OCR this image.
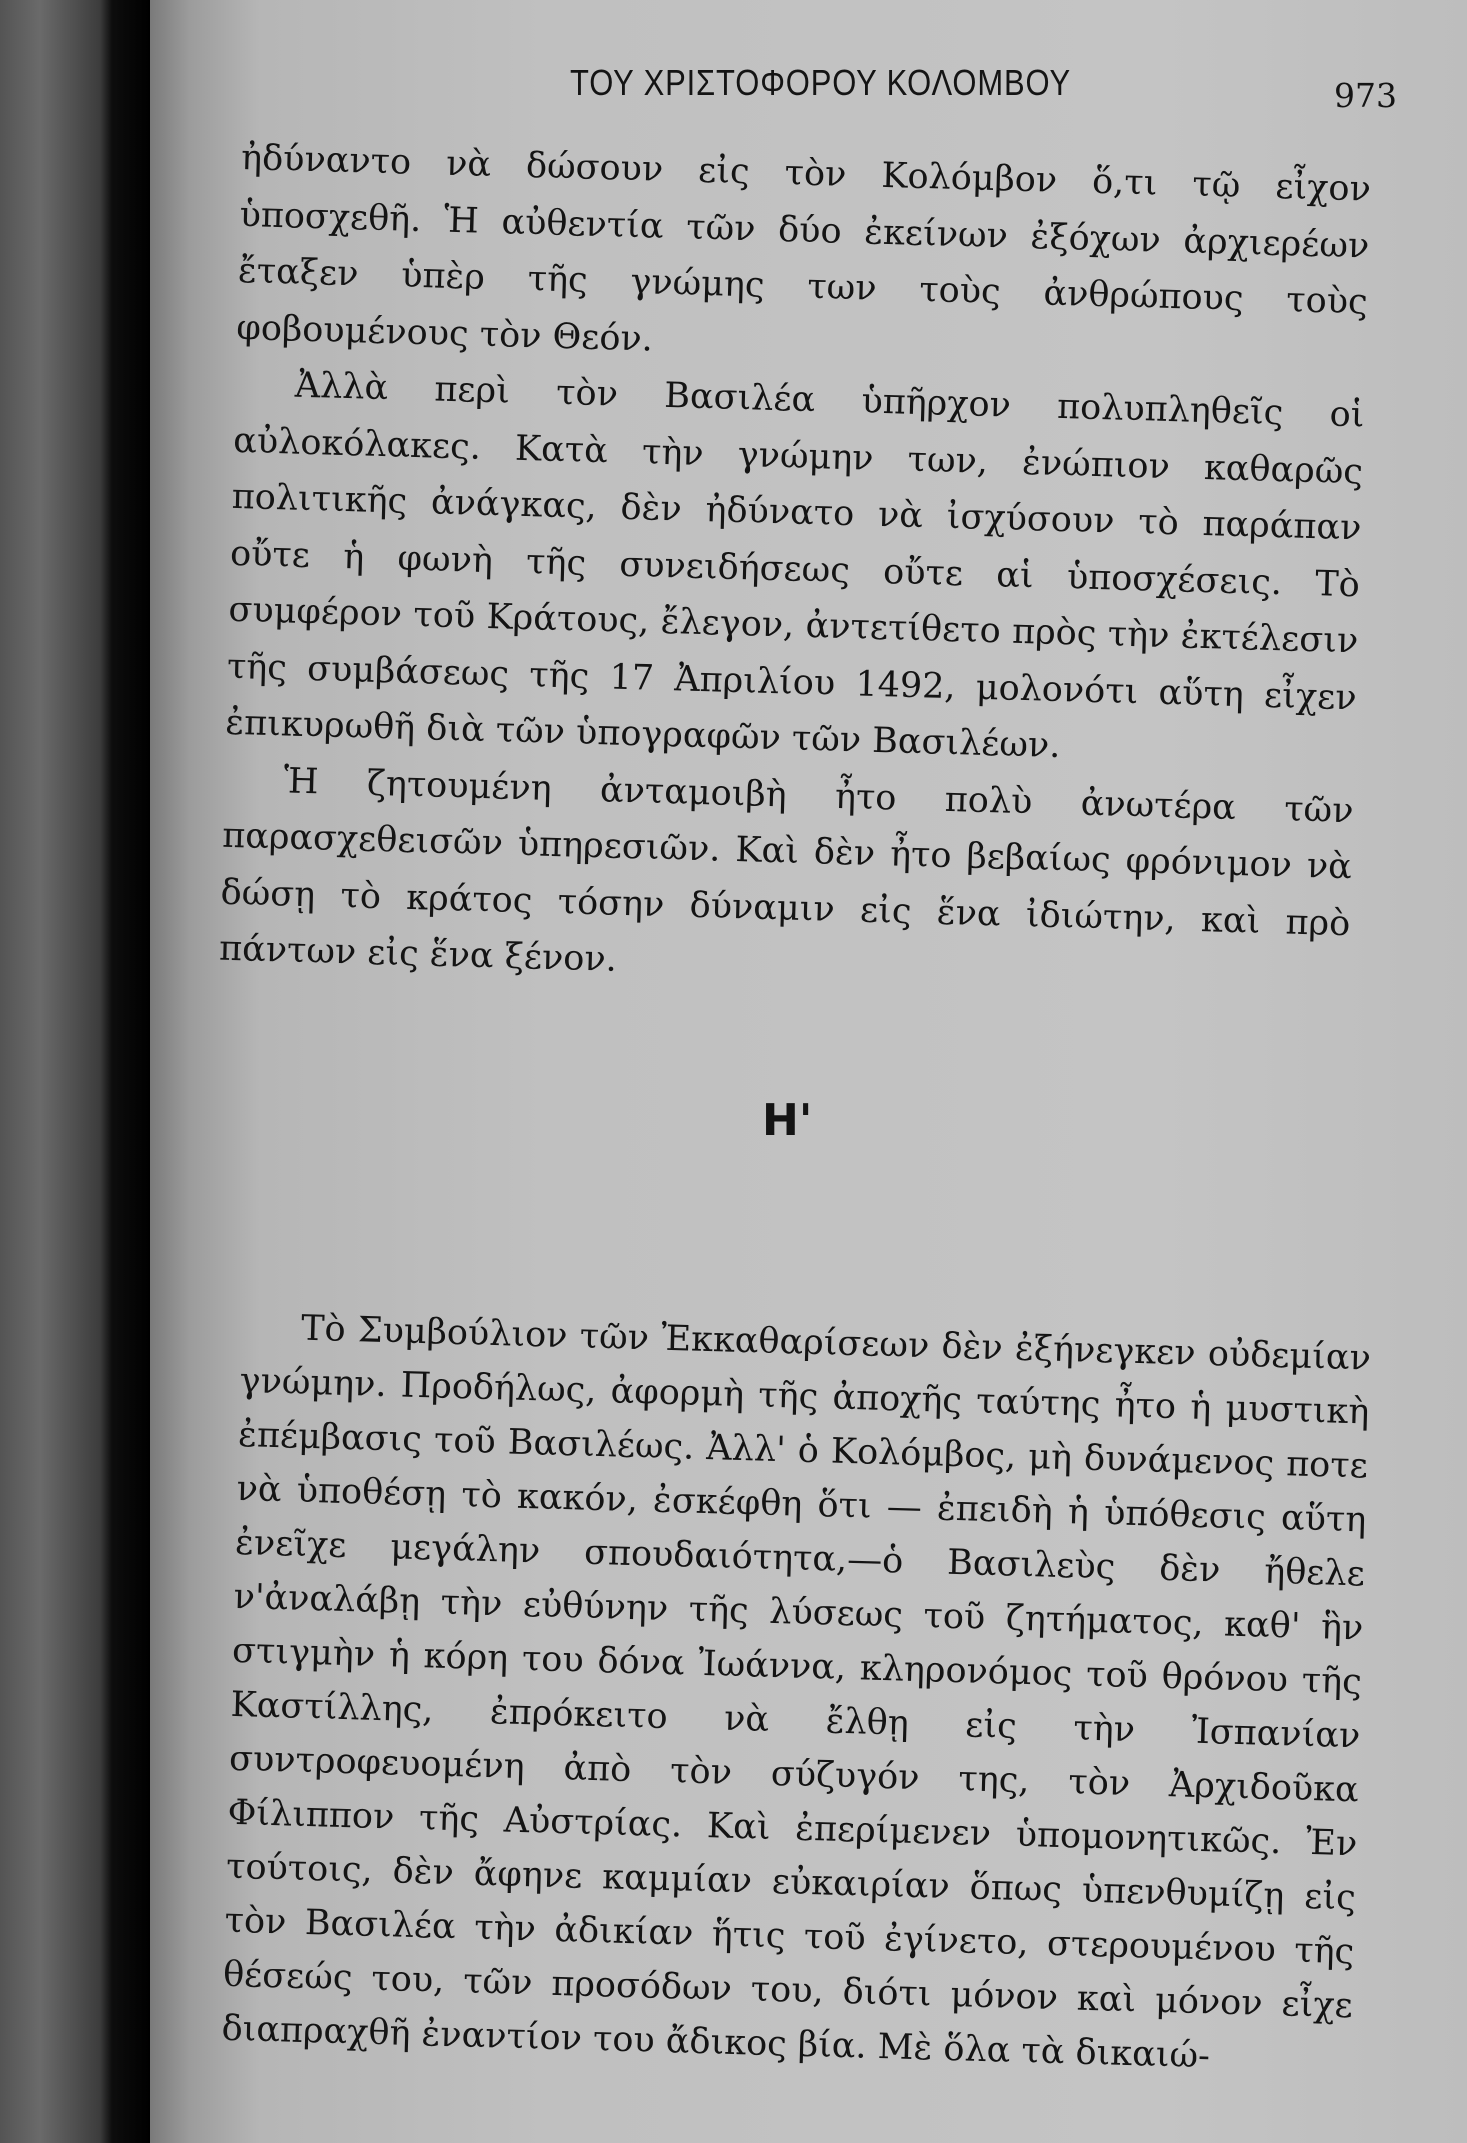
ΤΟΥ ΧΡΙΣΤΟΦΟΡΟΥ ΚΟΛΟΜΒΟΥ	973

ἠδύναντο νὰ δώσουν εἰς τὸν Κολόμβον ὅ,τι τῷ εἶχον ὑποσχεθῆ. Ἡ αὐθεντία τῶν δύο ἐκείνων ἐξόχων ἀρχιερέων ἔταξεν ὑπὲρ τῆς γνώμης των τοὺς ἀνθρώπους τοὺς φοβουμένους τὸν Θεόν.

Ἀλλὰ περὶ τὸν Βασιλέα ὑπῆρχον πολυπληθεῖς οἱ αὐλοκόλακες. Κατὰ τὴν γνώμην των, ἐνώπιον καθαρῶς πολιτικῆς ἀνάγκας, δὲν ἠδύνατο νὰ ἰσχύσουν τὸ παράπαν οὔτε ἡ φωνὴ τῆς συνειδήσεως οὔτε αἱ ὑποσχέσεις. Τὸ συμφέρον τοῦ Κράτους, ἔλεγον, ἀντετίθετο πρὸς τὴν ἐκτέλεσιν τῆς συμβάσεως τῆς 17 Ἀπριλίου 1492, μολονότι αὕτη εἶχεν ἐπικυρωθῆ διὰ τῶν ὑπογραφῶν τῶν Βασιλέων.

Ἡ ζητουμένη ἀνταμοιβὴ ἦτο πολὺ ἀνωτέρα τῶν παρασχεθεισῶν ὑπηρεσιῶν. Καὶ δὲν ἦτο βεβαίως φρόνιμον νὰ δώσῃ τὸ κράτος τόσην δύναμιν εἰς ἕνα ἰδιώτην, καὶ πρὸ πάντων εἰς ἕνα ξένον.

Η'

Τὸ Συμβούλιον τῶν Ἐκκαθαρίσεων δὲν ἐξήνεγκεν οὐδεμίαν γνώμην. Προδήλως, ἀφορμὴ τῆς ἀποχῆς ταύτης ἦτο ἡ μυστικὴ ἐπέμβασις τοῦ Βασιλέως. Ἀλλ' ὁ Κολόμβος, μὴ δυνάμενος ποτε νὰ ὑποθέσῃ τὸ κακόν, ἐσκέφθη ὅτι — ἐπειδὴ ἡ ὑπόθεσις αὕτη ἐνεῖχε μεγάλην σπουδαιότητα,—ὁ Βασιλεὺς δὲν ἤθελε ν'ἀναλάβῃ τὴν εὐθύνην τῆς λύσεως τοῦ ζητήματος, καθ' ἣν στιγμὴν ἡ κόρη του δόνα Ἰωάννα, κληρονόμος τοῦ θρόνου τῆς Καστίλλης, ἐπρόκειτο νὰ ἔλθῃ εἰς τὴν Ἰσπανίαν συντροφευομένη ἀπὸ τὸν σύζυγόν της, τὸν Ἀρχιδοῦκα Φίλιππον τῆς Αὐστρίας. Καὶ ἐπερίμενεν ὑπομονητικῶς. Ἐν τούτοις, δὲν ἄφηνε καμμίαν εὐκαιρίαν ὅπως ὑπενθυμίζῃ εἰς τὸν Βασιλέα τὴν ἀδικίαν ἥτις τοῦ ἐγίνετο, στερουμένου τῆς θέσεώς του, τῶν προσόδων του, διότι μόνον καὶ μόνον εἶχε διαπραχθῆ ἐναντίον του ἄδικος βία. Μὲ ὅλα τὰ δικαιώ-
